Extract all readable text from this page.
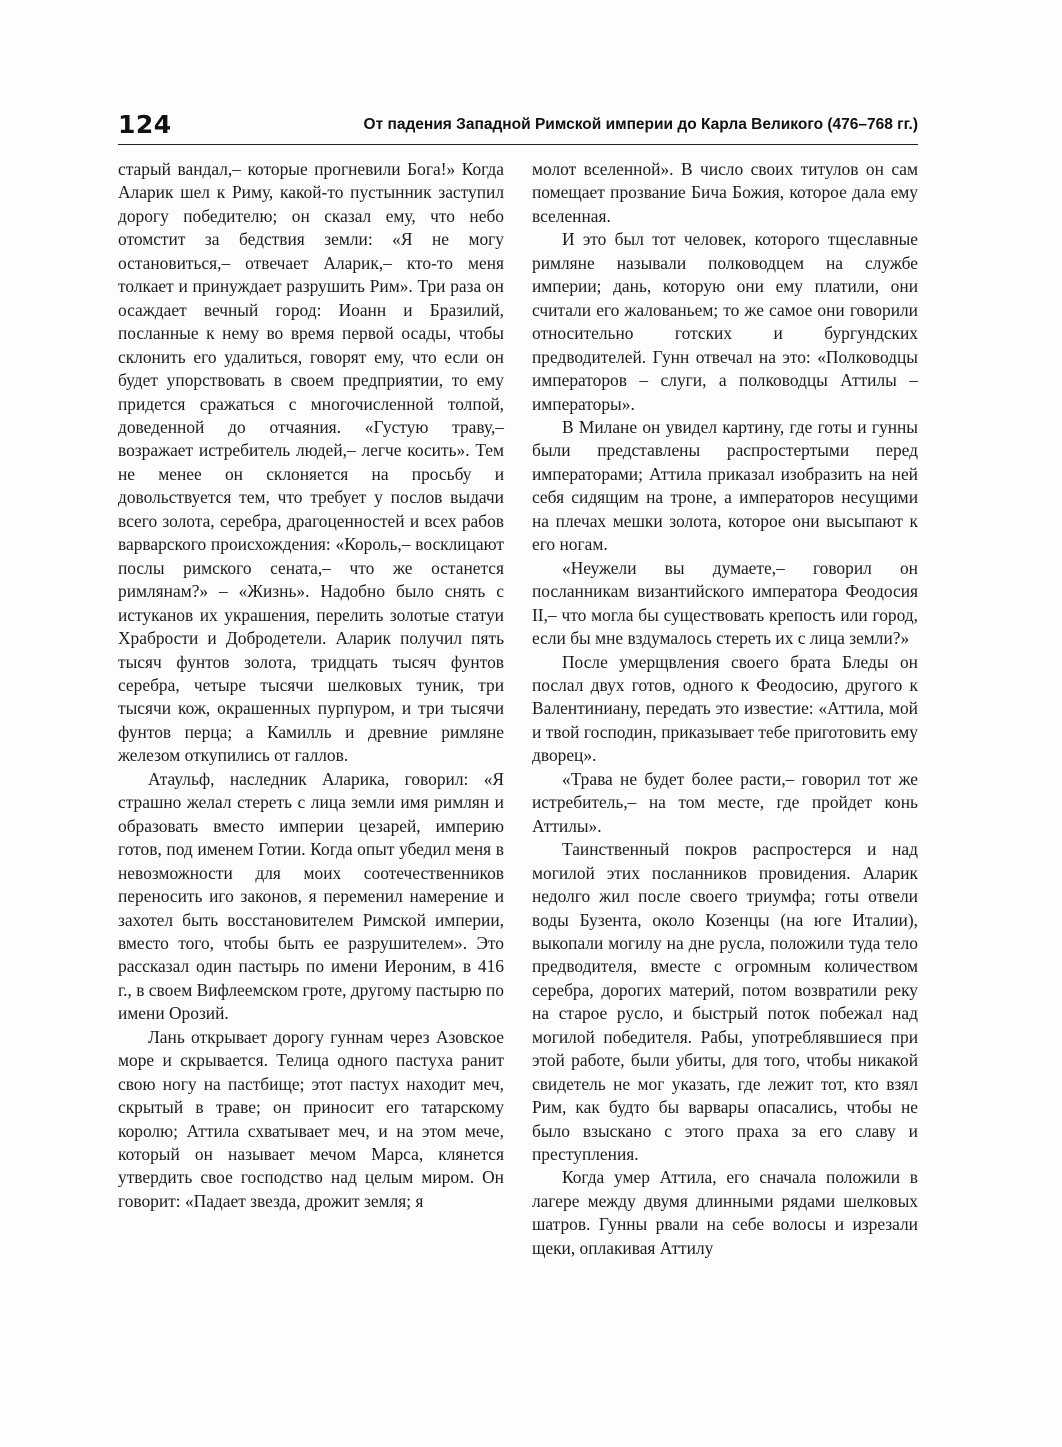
124	От падения Западной Римской империи до Карла Великого (476–768 гг.)

старый вандал,– которые прогневили Бога!» Когда Аларик шел к Риму, какой-то пустынник заступил дорогу победителю; он сказал ему, что небо отомстит за бедствия земли: «Я не могу остановиться,– отвечает Аларик,– кто-то меня толкает и принуждает разрушить Рим». Три раза он осаждает вечный город: Иоанн и Бразилий, посланные к нему во время первой осады, чтобы склонить его удалиться, говорят ему, что если он будет упорствовать в своем предприятии, то ему придется сражаться с многочисленной толпой, доведенной до отчаяния. «Густую траву,– возражает истребитель людей,– легче косить». Тем не менее он склоняется на просьбу и довольствуется тем, что требует у послов выдачи всего золота, серебра, драгоценностей и всех рабов варварского происхождения: «Король,– восклицают послы римского сената,– что же останется римлянам?» – «Жизнь». Надобно было снять с истуканов их украшения, перелить золотые статуи Храбрости и Добродетели. Аларик получил пять тысяч фунтов золота, тридцать тысяч фунтов серебра, четыре тысячи шелковых туник, три тысячи кож, окрашенных пурпуром, и три тысячи фунтов перца; а Камилль и древние римляне железом откупились от галлов.

Атаульф, наследник Аларика, говорил: «Я страшно желал стереть с лица земли имя римлян и образовать вместо империи цезарей, империю готов, под именем Готии. Когда опыт убедил меня в невозможности для моих соотечественников переносить иго законов, я переменил намерение и захотел быть восстановителем Римской империи, вместо того, чтобы быть ее разрушителем». Это рассказал один пастырь по имени Иероним, в 416 г., в своем Вифлеемском гроте, другому пастырю по имени Орозий.

Лань открывает дорогу гуннам через Азовское море и скрывается. Телица одного пастуха ранит свою ногу на пастбище; этот пастух находит меч, скрытый в траве; он приносит его татарскому королю; Аттила схватывает меч, и на этом мече, который он называет мечом Марса, клянется утвердить свое господство над целым миром. Он говорит: «Падает звезда, дрожит земля; я

молот вселенной». В число своих титулов он сам помещает прозвание Бича Божия, которое дала ему вселенная.

И это был тот человек, которого тщеславные римляне называли полководцем на службе империи; дань, которую они ему платили, они считали его жалованьем; то же самое они говорили относительно готских и бургундских предводителей. Гунн отвечал на это: «Полководцы императоров – слуги, а полководцы Аттилы – императоры».

В Милане он увидел картину, где готы и гунны были представлены распростертыми перед императорами; Аттила приказал изобразить на ней себя сидящим на троне, а императоров несущими на плечах мешки золота, которое они высыпают к его ногам.

«Неужели вы думаете,– говорил он посланникам византийского императора Феодосия II,– что могла бы существовать крепость или город, если бы мне вздумалось стереть их с лица земли?»

После умерщвления своего брата Бледы он послал двух готов, одного к Феодосию, другого к Валентиниану, передать это известие: «Аттила, мой и твой господин, приказывает тебе приготовить ему дворец».

«Трава не будет более расти,– говорил тот же истребитель,– на том месте, где пройдет конь Аттилы».

Таинственный покров распростерся и над могилой этих посланников провидения. Аларик недолго жил после своего триумфа; готы отвели воды Бузента, около Козенцы (на юге Италии), выкопали могилу на дне русла, положили туда тело предводителя, вместе с огромным количеством серебра, дорогих материй, потом возвратили реку на старое русло, и быстрый поток побежал над могилой победителя. Рабы, употреблявшиеся при этой работе, были убиты, для того, чтобы никакой свидетель не мог указать, где лежит тот, кто взял Рим, как будто бы варвары опасались, чтобы не было взыскано с этого праха за его славу и преступления.

Когда умер Аттила, его сначала положили в лагере между двумя длинными рядами шелковых шатров. Гунны рвали на себе волосы и изрезали щеки, оплакивая Аттилу
